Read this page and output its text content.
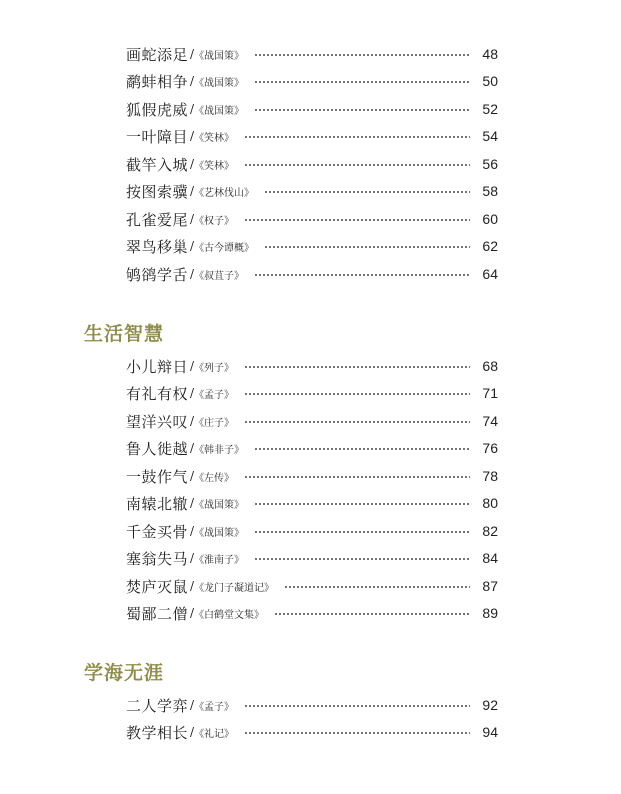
画蛇添足 / 《战国策》	48
鹬蚌相争 / 《战国策》	50
狐假虎威 / 《战国策》	52
一叶障目 / 《笑林》	54
截竿入城 / 《笑林》	56
按图索骥 / 《艺林伐山》	58
孔雀爱尾 / 《权子》	60
翠鸟移巢 / 《古今谭概》	62
鸲鹆学舌 / 《叔苴子》	64
生活智慧
小儿辩日 / 《列子》	68
有礼有权 / 《孟子》	71
望洋兴叹 / 《庄子》	74
鲁人徙越 / 《韩非子》	76
一鼓作气 / 《左传》	78
南辕北辙 / 《战国策》	80
千金买骨 / 《战国策》	82
塞翁失马 / 《淮南子》	84
焚庐灭鼠 / 《龙门子凝道记》	87
蜀鄙二僧 / 《白鹤堂文集》	89
学海无涯
二人学弈 / 《孟子》	92
教学相长 / 《礼记》	94
